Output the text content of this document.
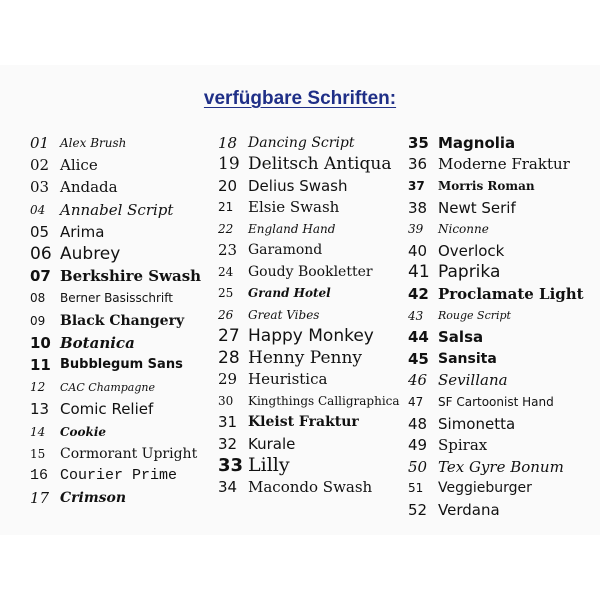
verfügbare Schriften:
01 Alex Brush
02 Alice
03 Andada
04 Annabel Script
05 Arima
06 Aubrey
07 Berkshire Swash
08	Berner Basisschrift
09	Black Changery
10 Botanica
11 Bubblegum Sans
12	CAC Champagne
13 Comic Relief
14	Cookie
15	Cormorant Upright
16 Courier Prime
17 Crimson
18 Dancing Script
19 Delitsch Antiqua
20 Delius Swash
21 Elsie Swash
22	England Hand
23 Garamond
24	Goudy Bookletter
25	Grand Hotel
26	Great Vibes
27 Happy Monkey
28 Henny Penny
29 Heuristica
30	Kingthings Calligraphica
31 Kleist Fraktur
32 Kurale
33 Lilly
34 Macondo Swash
35 Magnolia
36 Moderne Fraktur
37	Morris Roman
38 Newt Serif
39	Niconne
40 Overlock
41 Paprika
42 Proclamate Light
43	Rouge Script
44 Salsa
45 Sansita
46 Sevillana
47	SF Cartoonist Hand
48 Simonetta
49 Spirax
50 Tex Gyre Bonum
51	Veggieburger
52 Verdana
